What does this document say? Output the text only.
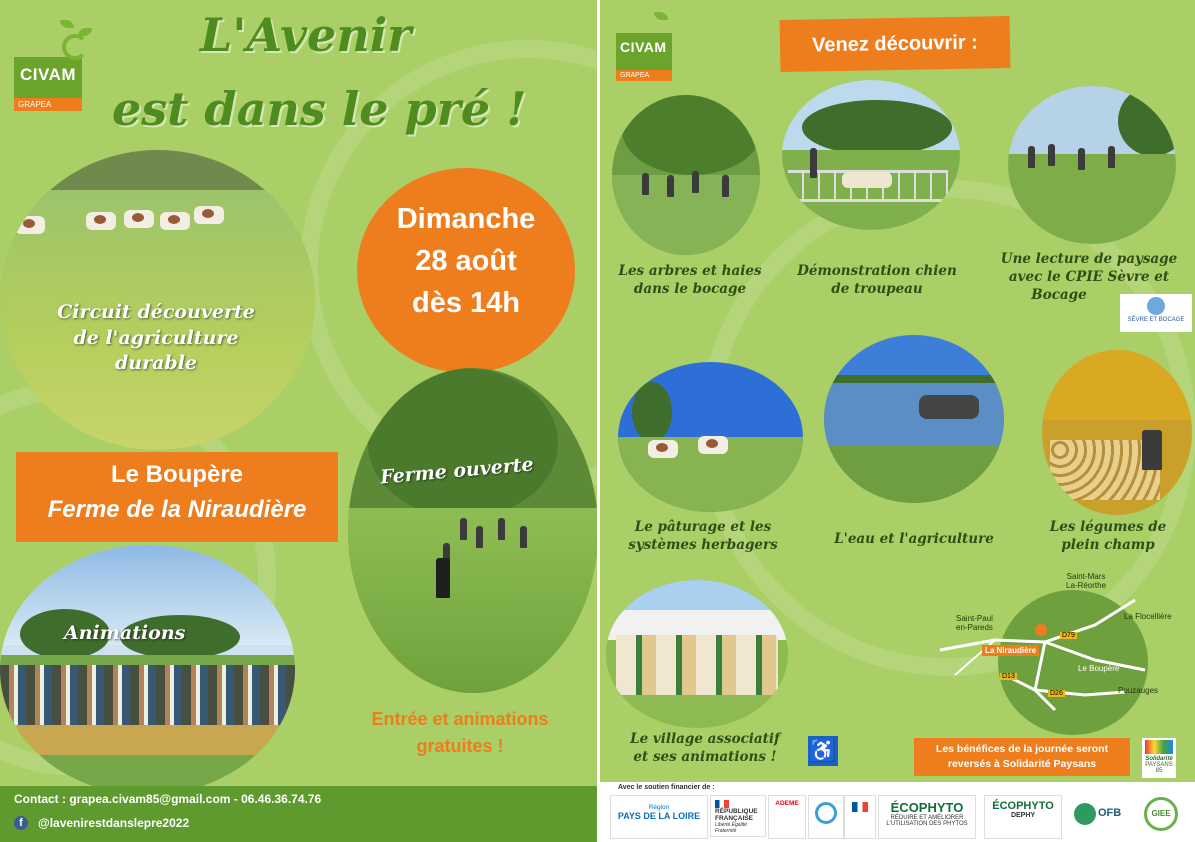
CIVAM
GRAPEA
L'Avenir
est dans le pré !
Circuit découverte
de l'agriculture
durable
Dimanche
28 août
dès 14h
Le Boupère
Ferme de la Niraudière
Ferme ouverte
Animations
Entrée et animations
gratuites !
Contact : grapea.civam85@gmail.com - 06.46.36.74.76
f	@lavenirestdanslepre2022
CIVAM
GRAPEA
Venez découvrir :
Les arbres et haies
dans le bocage
Démonstration chien
de troupeau
Une lecture de paysage
avec le CPIE Sèvre et
Bocage
SÈVRE ET BOCAGE
Le pâturage et les
systèmes herbagers	L'eau et l'agriculture
Les légumes de
plein champ
Le village associatif
et ses animations !	♿
Saint-Mars
La-Réorthe
La Flocellière
Saint-Paul
en-Pareds
La Niraudière
Le Boupère
Pouzauges
D79
D13
D26
Les bénéfices de la journée seront
reversés à Solidarité Paysans	Solidarité
PAYSANS
85
Avec le soutien financier de :
Région
PAYS DE LA LOIRE	RÉPUBLIQUE
FRANÇAISE
Liberté Égalité Fraternité
ADEME	ÉCOPHYTO
RÉDUIRE ET AMÉLIORER L'UTILISATION DES PHYTOS
ÉCOPHYTO
DEPHY	OFB	GIEE
